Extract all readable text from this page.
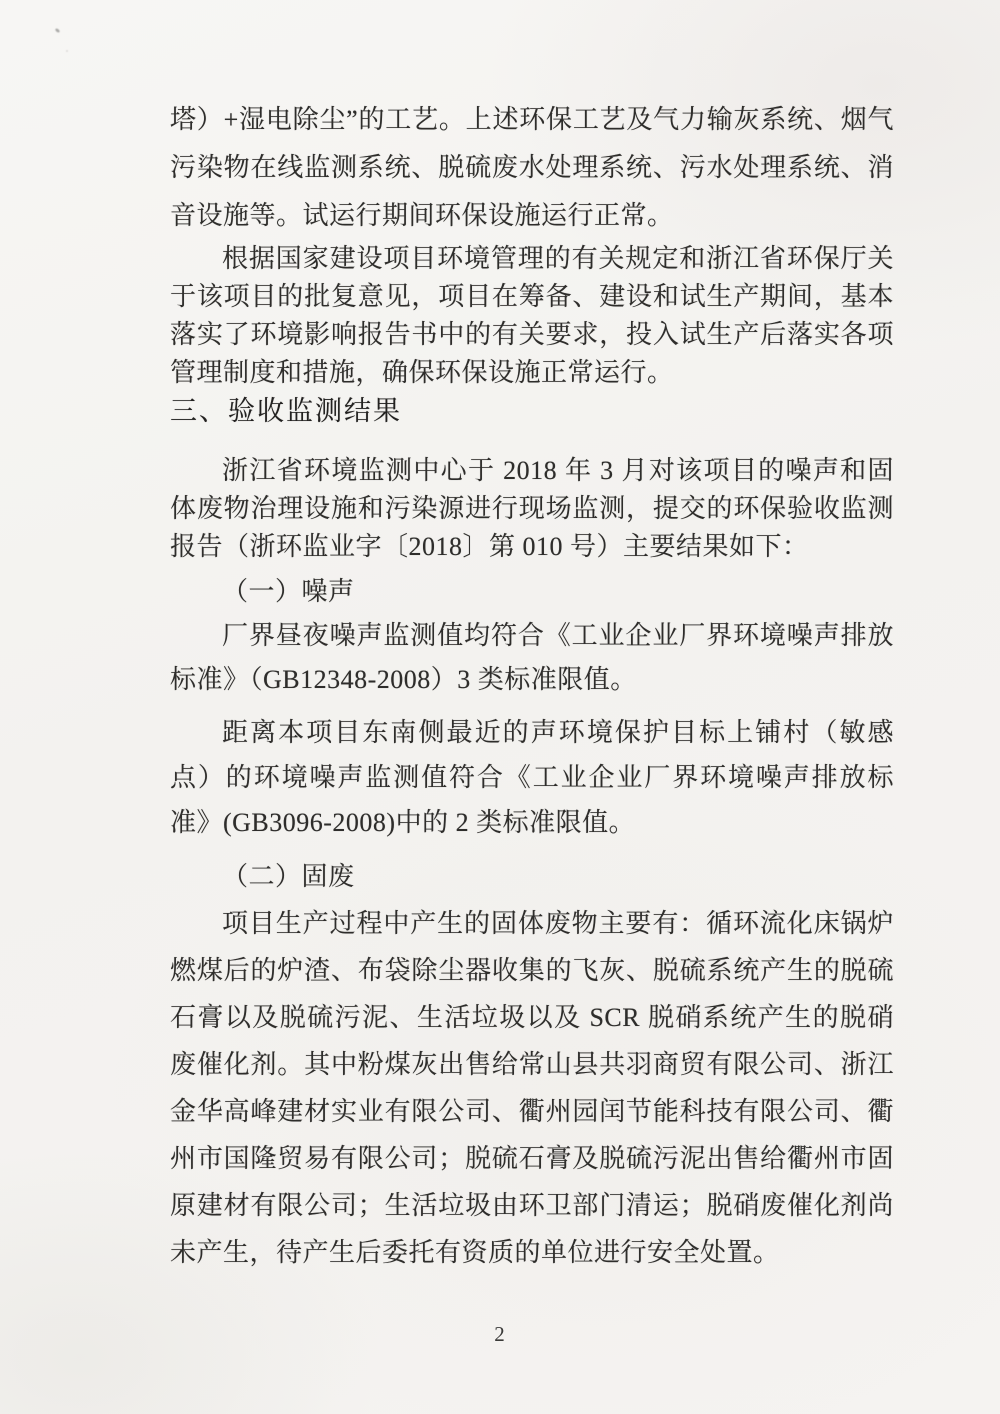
塔）+湿电除尘”的工艺。上述环保工艺及气力输灰系统、烟气污染物在线监测系统、脱硫废水处理系统、污水处理系统、消音设施等。试运行期间环保设施运行正常。

根据国家建设项目环境管理的有关规定和浙江省环保厅关于该项目的批复意见，项目在筹备、建设和试生产期间，基本落实了环境影响报告书中的有关要求，投入试生产后落实各项管理制度和措施，确保环保设施正常运行。

三、验收监测结果

浙江省环境监测中心于 2018 年 3 月对该项目的噪声和固体废物治理设施和污染源进行现场监测，提交的环保验收监测报告（浙环监业字〔2018〕第 010 号）主要结果如下：

（一）噪声

厂界昼夜噪声监测值均符合《工业企业厂界环境噪声排放标准》（GB12348-2008）3 类标准限值。

距离本项目东南侧最近的声环境保护目标上铺村（敏感点）的环境噪声监测值符合《工业企业厂界环境噪声排放标准》(GB3096-2008)中的 2 类标准限值。

（二）固废

项目生产过程中产生的固体废物主要有：循环流化床锅炉燃煤后的炉渣、布袋除尘器收集的飞灰、脱硫系统产生的脱硫石膏以及脱硫污泥、生活垃圾以及 SCR 脱硝系统产生的脱硝废催化剂。其中粉煤灰出售给常山县共羽商贸有限公司、浙江金华高峰建材实业有限公司、衢州园闰节能科技有限公司、衢州市国隆贸易有限公司；脱硫石膏及脱硫污泥出售给衢州市固原建材有限公司；生活垃圾由环卫部门清运；脱硝废催化剂尚未产生，待产生后委托有资质的单位进行安全处置。

2
